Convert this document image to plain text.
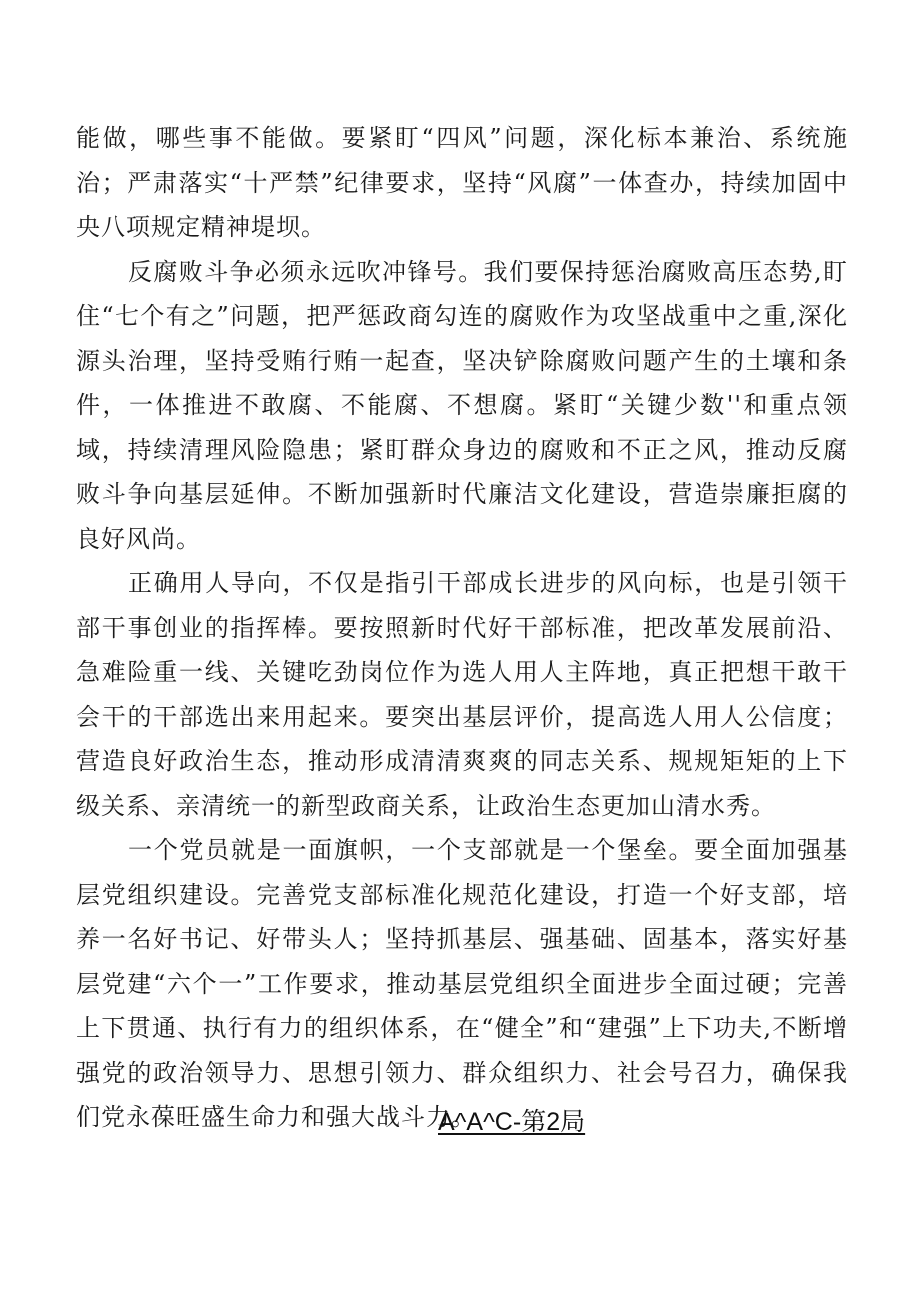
能做，哪些事不能做。要紧盯“四风”问题，深化标本兼治、系统施治；严肃落实“十严禁”纪律要求，坚持“风腐”一体查办，持续加固中央八项规定精神堤坝。

反腐败斗争必须永远吹冲锋号。我们要保持惩治腐败高压态势,盯住“七个有之”问题，把严惩政商勾连的腐败作为攻坚战重中之重,深化源头治理，坚持受贿行贿一起查，坚决铲除腐败问题产生的土壤和条件，一体推进不敢腐、不能腐、不想腐。紧盯“关键少数''和重点领域，持续清理风险隐患；紧盯群众身边的腐败和不正之风，推动反腐败斗争向基层延伸。不断加强新时代廉洁文化建设，营造崇廉拒腐的良好风尚。

正确用人导向，不仅是指引干部成长进步的风向标，也是引领干部干事创业的指挥棒。要按照新时代好干部标准，把改革发展前沿、急难险重一线、关键吃劲岗位作为选人用人主阵地，真正把想干敢干会干的干部选出来用起来。要突出基层评价，提高选人用人公信度；营造良好政治生态，推动形成清清爽爽的同志关系、规规矩矩的上下级关系、亲清统一的新型政商关系，让政治生态更加山清水秀。

一个党员就是一面旗帜，一个支部就是一个堡垒。要全面加强基层党组织建设。完善党支部标准化规范化建设，打造一个好支部，培养一名好书记、好带头人；坚持抓基层、强基础、固基本，落实好基层党建“六个一”工作要求，推动基层党组织全面进步全面过硬；完善上下贯通、执行有力的组织体系，在“健全”和“建强”上下功夫,不断增强党的政治领导力、思想引领力、群众组织力、社会号召力，确保我们党永葆旺盛生命力和强大战斗力。

A^A^C-第2局
